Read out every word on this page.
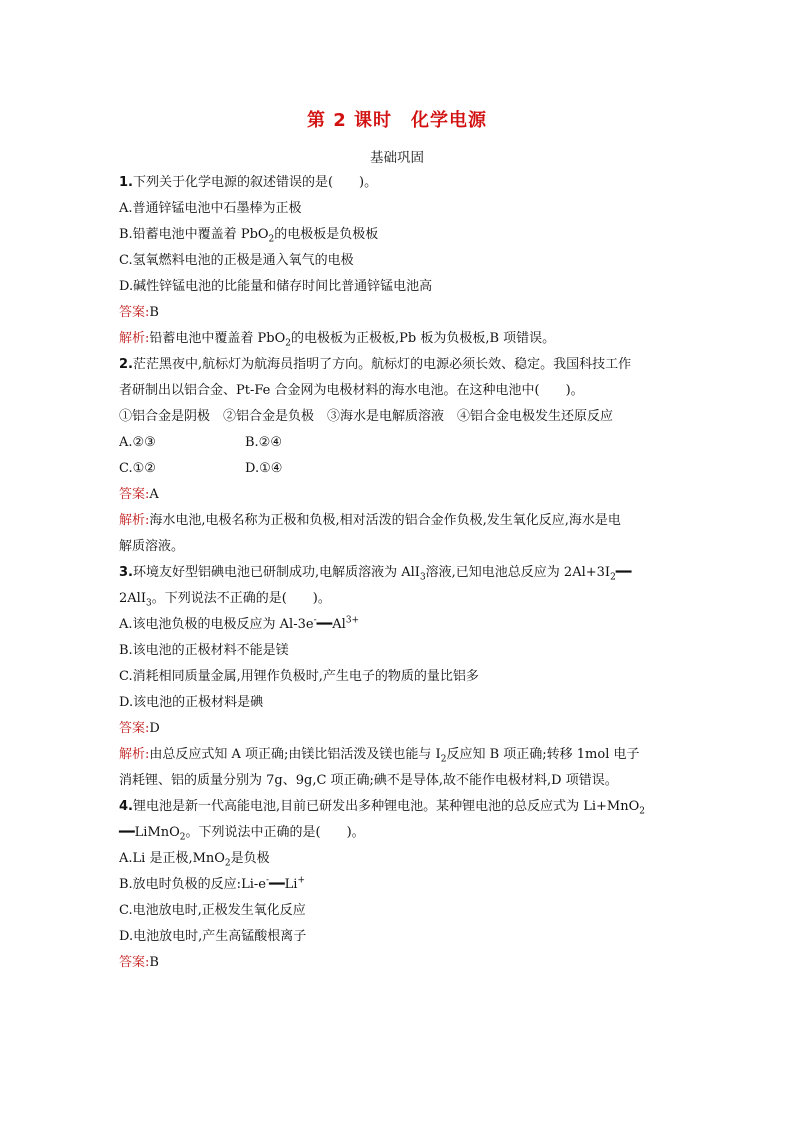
第 2 课时　化学电源
基础巩固
1.下列关于化学电源的叙述错误的是(　　)。
A.普通锌锰电池中石墨棒为正极
B.铅蓄电池中覆盖着 PbO$_2$的电极板是负极板
C.氢氧燃料电池的正极是通入氧气的电极
D.碱性锌锰电池的比能量和储存时间比普通锌锰电池高
答案:B
解析:铅蓄电池中覆盖着 PbO$_2$的电极板为正极板,Pb 板为负极板,B 项错误。
2.茫茫黑夜中,航标灯为航海员指明了方向。航标灯的电源必须长效、稳定。我国科技工作
者研制出以铝合金、Pt-Fe 合金网为电极材料的海水电池。在这种电池中(　　)。
①铝合金是阴极　②铝合金是负极　③海水是电解质溶液　④铝合金电极发生还原反应
A.②③	B.②④
C.①②	D.①④
答案:A
解析:海水电池,电极名称为正极和负极,相对活泼的铝合金作负极,发生氧化反应,海水是电
解质溶液。
3.环境友好型铝碘电池已研制成功,电解质溶液为 AlI$_3$溶液,已知电池总反应为 $2Al+3I_2━━$
2AlI$_3$。下列说法不正确的是(　　)。
A.该电池负极的电极反应为 $Al-3e^-━━Al^{3+}$
B.该电池的正极材料不能是镁
C.消耗相同质量金属,用锂作负极时,产生电子的物质的量比铝多
D.该电池的正极材料是碘
答案:D
解析:由总反应式知 A 项正确;由镁比铝活泼及镁也能与 $I_2$反应知 B 项正确;转移 1mol 电子
消耗锂、铝的质量分别为 7g、9g,C 项正确;碘不是导体,故不能作电极材料,D 项错误。
4.锂电池是新一代高能电池,目前已研发出多种锂电池。某种锂电池的总反应式为 Li+MnO$_2$
━━LiMnO$_2$。下列说法中正确的是(　　)。
A.Li 是正极,MnO$_2$是负极
B.放电时负极的反应:Li-e-━━Li+
C.电池放电时,正极发生氧化反应
D.电池放电时,产生高锰酸根离子
答案:B
